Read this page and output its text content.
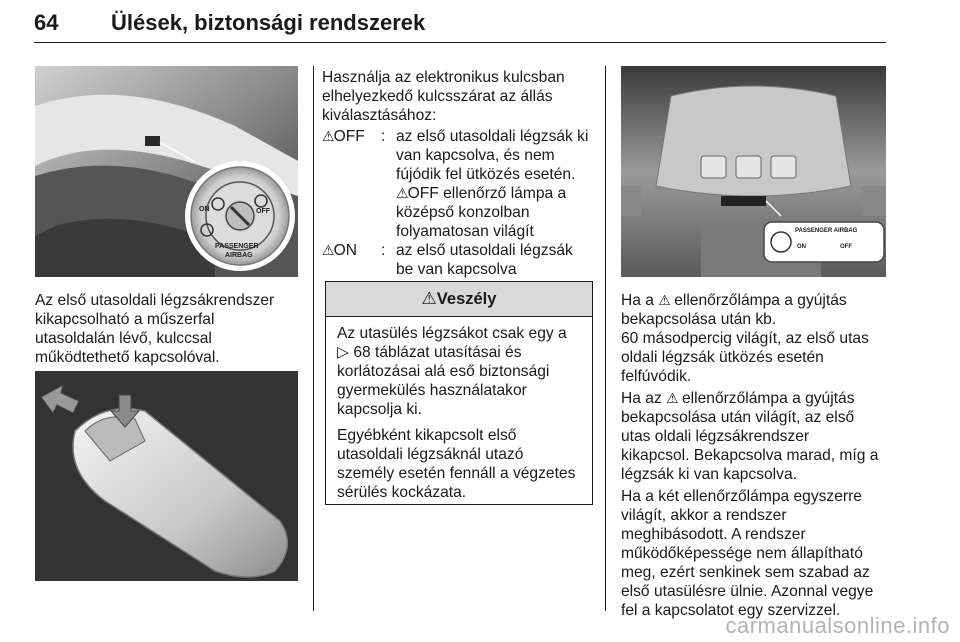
64 Ülések, biztonsági rendszerek
ON	OFF
PASSENGER
AIRBAG
Az első utasoldali légzsákrendszer
kikapcsolható a műszerfal
utasoldalán lévő, kulccsal
működtethető kapcsolóval.
Használja az elektronikus kulcsban
elhelyezkedő kulcsszárat az állás
kiválasztásához:
⚠OFF	: az első utasoldali légzsák ki
van kapcsolva, és nem
fújódik fel ütközés esetén.
⚠OFF ellenőrző lámpa a
középső konzolban
folyamatosan világít
⚠ON	: az első utasoldali légzsák
be van kapcsolva
⚠Veszély

Az utasülés légzsákot csak egy a
▷ 68 táblázat utasításai és
korlátozásai alá eső biztonsági
gyermekülés használatakor
kapcsolja ki.

Egyébként kikapcsolt első
utasoldali légzsáknál utazó
személy esetén fennáll a végzetes
sérülés kockázata.

PASSENGER AIRBAG
ON	OFF
Ha a ⚠ ellenőrzőlámpa a gyújtás
bekapcsolása után kb.
60 másodpercig világít, az első utas
oldali légzsák ütközés esetén
felfúvódik.
Ha az ⚠ ellenőrzőlámpa a gyújtás
bekapcsolása után világít, az első
utas oldali légzsákrendszer
kikapcsol. Bekapcsolva marad, míg a
légzsák ki van kapcsolva.
Ha a két ellenőrzőlámpa egyszerre
világít, akkor a rendszer
meghibásodott. A rendszer
működőképessége nem állapítható
meg, ezért senkinek sem szabad az
első utasülésre ülnie. Azonnal vegye
fel a kapcsolatot egy szervizzel.
carmanualsonline.info
